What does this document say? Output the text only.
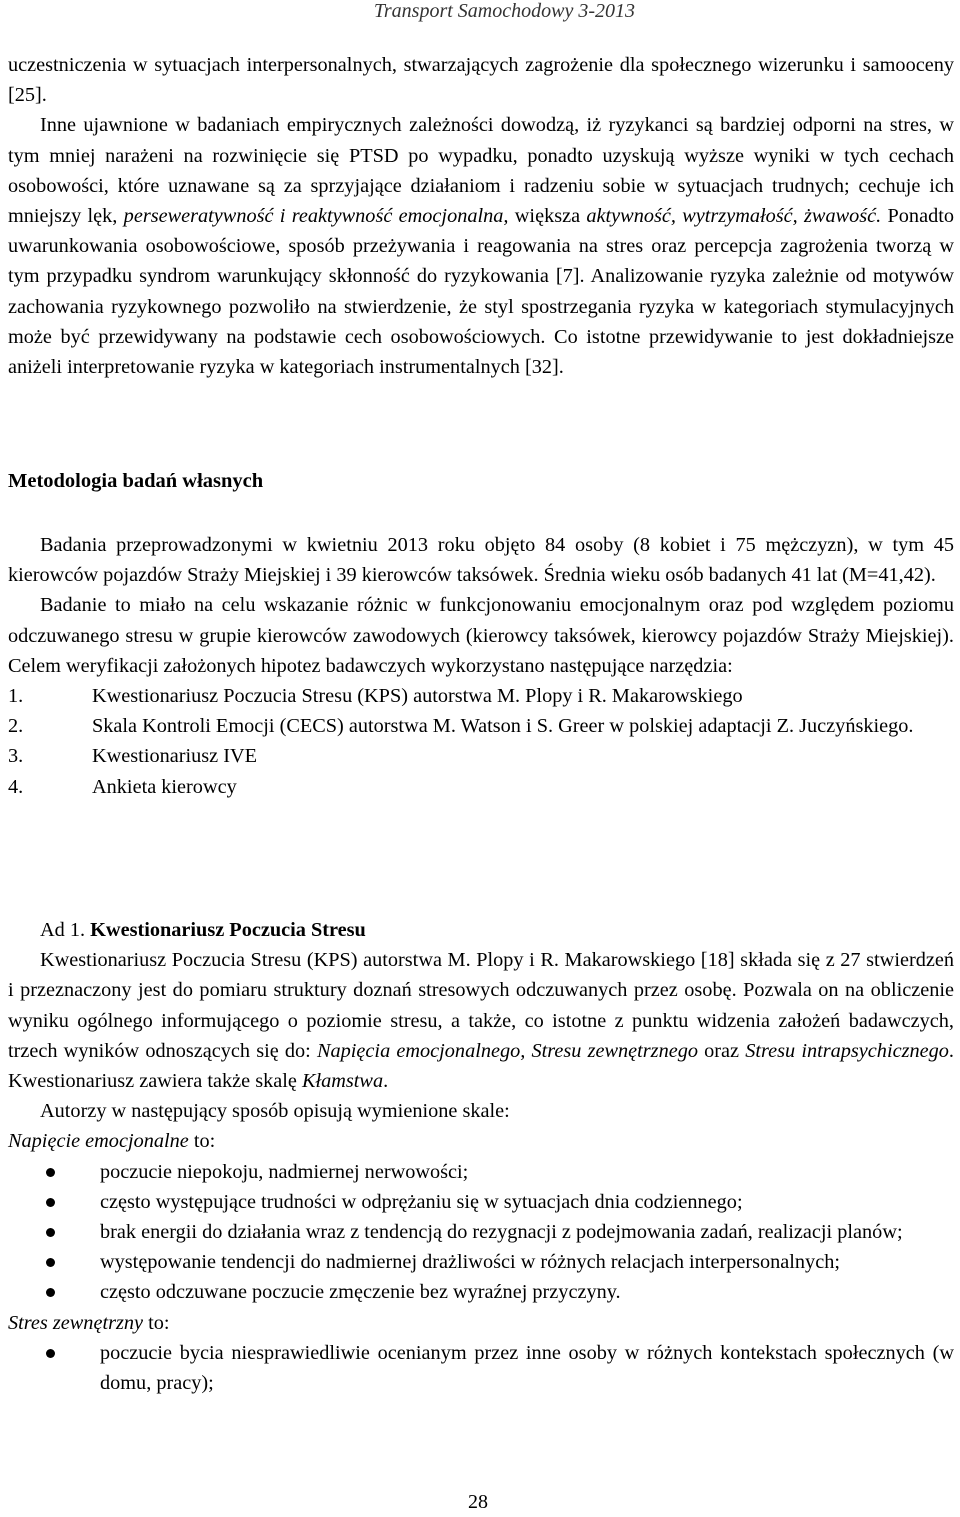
Transport Samochodowy 3-2013
uczestniczenia w sytuacjach interpersonalnych, stwarzających zagrożenie dla społecznego wizerunku i samooceny [25].
Inne ujawnione w badaniach empirycznych zależności dowodzą, iż ryzykanci są bardziej odporni na stres, w tym mniej narażeni na rozwinięcie się PTSD po wypadku, ponadto uzyskują wyższe wyniki w tych cechach osobowości, które uznawane są za sprzyjające działaniom i radzeniu sobie w sytuacjach trudnych; cechuje ich mniejszy lęk, perseweratywność i reaktywność emocjonalna, większa aktywność, wytrzymałość, żwawość. Ponadto uwarunkowania osobowościowe, sposób przeżywania i reagowania na stres oraz percepcja zagrożenia tworzą w tym przypadku syndrom warunkujący skłonność do ryzykowania [7]. Analizowanie ryzyka zależnie od motywów zachowania ryzykownego pozwoliło na stwierdzenie, że styl spostrzegania ryzyka w kategoriach stymulacyjnych może być przewidywany na podstawie cech osobowościowych. Co istotne przewidywanie to jest dokładniejsze aniżeli interpretowanie ryzyka w kategoriach instrumentalnych [32].
Metodologia badań własnych
Badania przeprowadzonymi w kwietniu 2013 roku objęto 84 osoby (8 kobiet i 75 mężczyzn), w tym 45 kierowców pojazdów Straży Miejskiej i 39 kierowców taksówek. Średnia wieku osób badanych 41 lat (M=41,42).
Badanie to miało na celu wskazanie różnic w funkcjonowaniu emocjonalnym oraz pod względem poziomu odczuwanego stresu w grupie kierowców zawodowych (kierowcy taksówek, kierowcy pojazdów Straży Miejskiej). Celem weryfikacji założonych hipotez badawczych wykorzystano następujące narzędzia:
1.	Kwestionariusz Poczucia Stresu (KPS) autorstwa M. Plopy i R. Makarowskiego
2.	Skala Kontroli Emocji (CECS) autorstwa M. Watson i S. Greer w polskiej adaptacji Z. Juczyńskiego.
3.	Kwestionariusz IVE
4.	Ankieta kierowcy
Ad 1. Kwestionariusz Poczucia Stresu
Kwestionariusz Poczucia Stresu (KPS) autorstwa M. Plopy i R. Makarowskiego [18] składa się z 27 stwierdzeń i przeznaczony jest do pomiaru struktury doznań stresowych odczuwanych przez osobę. Pozwala on na obliczenie wyniku ogólnego informującego o poziomie stresu, a także, co istotne z punktu widzenia założeń badawczych, trzech wyników odnoszących się do: Napięcia emocjonalnego, Stresu zewnętrznego oraz Stresu intrapsychicznego. Kwestionariusz zawiera także skalę Kłamstwa.
Autorzy w następujący sposób opisują wymienione skale:
Napięcie emocjonalne to:
poczucie niepokoju, nadmiernej nerwowości;
często występujące trudności w odprężaniu się w sytuacjach dnia codziennego;
brak energii do działania wraz z tendencją do rezygnacji z podejmowania zadań, realizacji planów;
występowanie tendencji do nadmiernej drażliwości w różnych relacjach interpersonalnych;
często odczuwane poczucie zmęczenie bez wyraźnej przyczyny.
Stres zewnętrzny to:
poczucie bycia niesprawiedliwie ocenianym przez inne osoby w różnych kontekstach społecznych (w domu, pracy);
28
